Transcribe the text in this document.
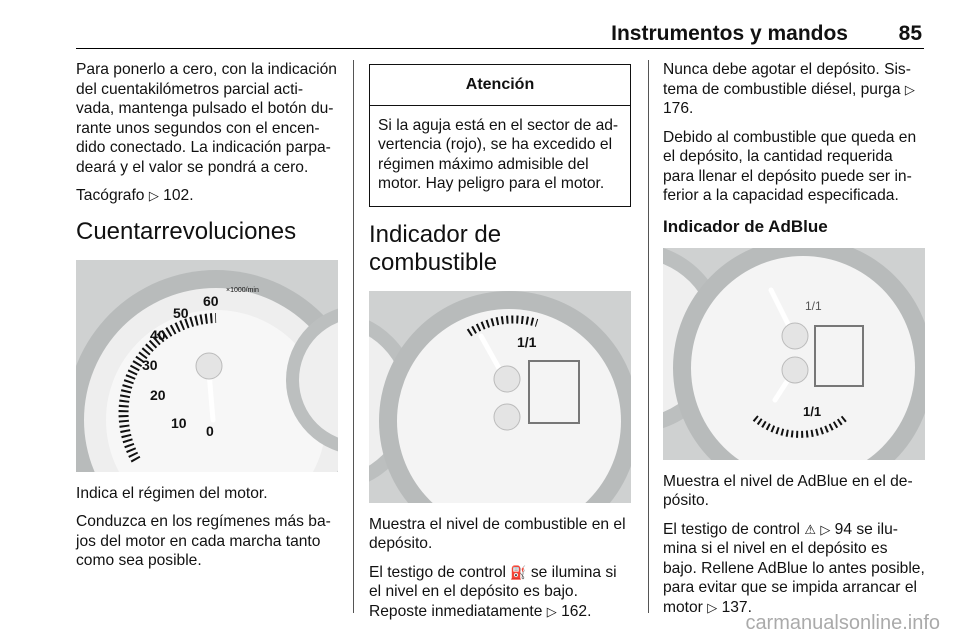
Instrumentos y mandos 85

Para ponerlo a cero, con la indicación del cuentakilómetros parcial acti- vada, mantenga pulsado el botón du- rante unos segundos con el encen- dido conectado. La indicación parpa- deará y el valor se pondrá a cero.

Tacógrafo ▷ 102.

Cuentarrevoluciones
10
20
30
40
50
60
0
×1000/min

Indica el régimen del motor.

Conduzca en los regímenes más ba- jos del motor en cada marcha tanto como sea posible.

Atención
Si la aguja está en el sector de ad- vertencia (rojo), se ha excedido el régimen máximo admisible del motor. Hay peligro para el motor.
Indicador de combustible
1/1

Muestra el nivel de combustible en el depósito.

El testigo de control ⛽ se ilumina si el nivel en el depósito es bajo. Reposte inmediatamente ▷ 162.

Nunca debe agotar el depósito. Sis- tema de combustible diésel, purga ▷ 176.

Debido al combustible que queda en el depósito, la cantidad requerida para llenar el depósito puede ser in- ferior a la capacidad especificada.

Indicador de AdBlue
1/1
1/1

Muestra el nivel de AdBlue en el de- pósito.

El testigo de control ⚠ ▷ 94 se ilu- mina si el nivel en el depósito es bajo. Rellene AdBlue lo antes posible, para evitar que se impida arrancar el motor ▷ 137.

carmanualsonline.info
